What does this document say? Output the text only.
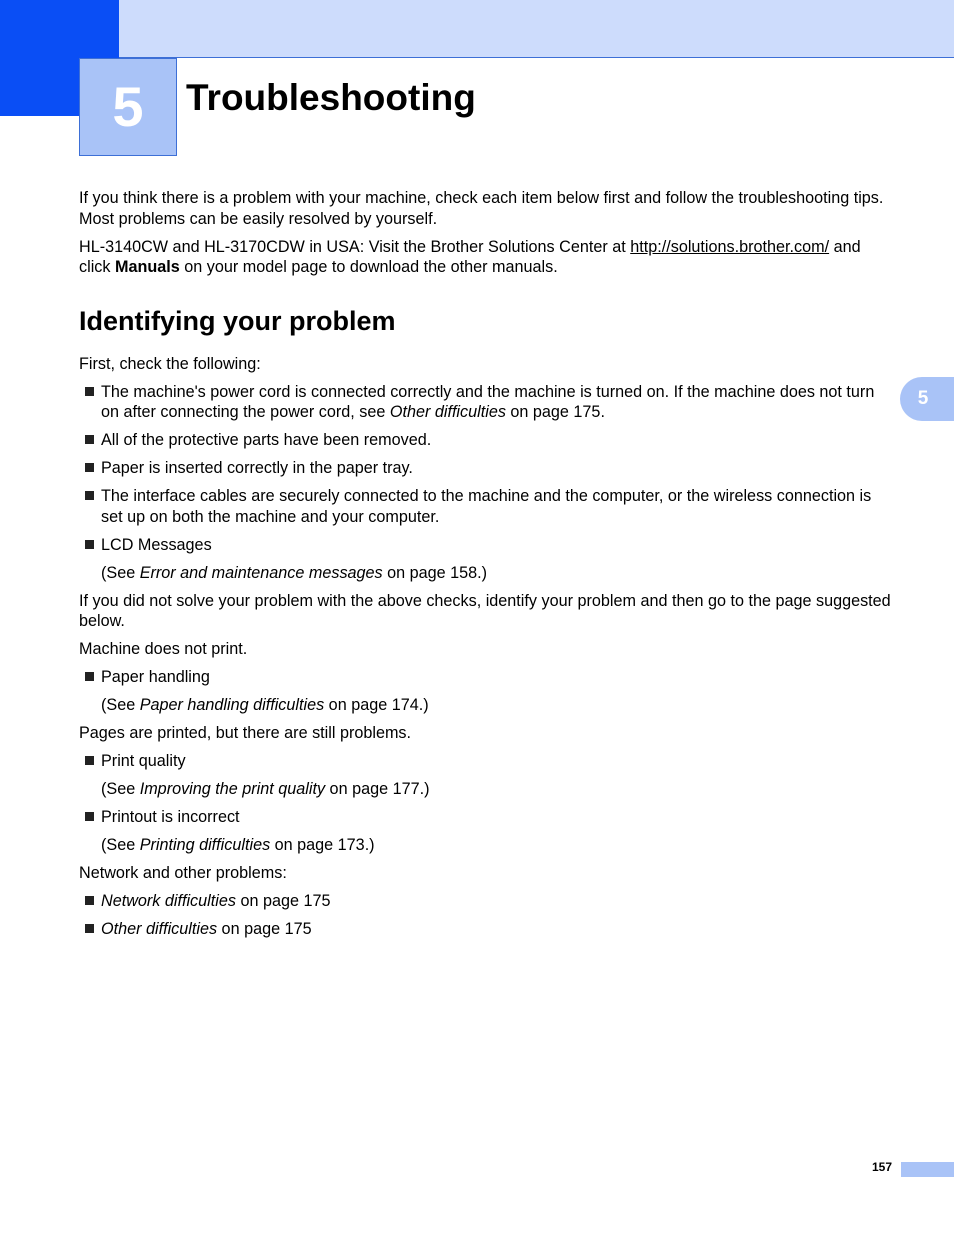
5 Troubleshooting
5

If you think there is a problem with your machine, check each item below first and follow the troubleshooting tips. Most problems can be easily resolved by yourself.

HL-3140CW and HL-3170CDW in USA: Visit the Brother Solutions Center at http://solutions.brother.com/ and click Manuals on your model page to download the other manuals.

Identifying your problem

First, check the following:

The machine's power cord is connected correctly and the machine is turned on. If the machine does not turn on after connecting the power cord, see Other difficulties on page 175.
All of the protective parts have been removed.
Paper is inserted correctly in the paper tray.
The interface cables are securely connected to the machine and the computer, or the wireless connection is set up on both the machine and your computer.
LCD Messages
(See Error and maintenance messages on page 158.)

If you did not solve your problem with the above checks, identify your problem and then go to the page suggested below.

Machine does not print.

Paper handling
(See Paper handling difficulties on page 174.)

Pages are printed, but there are still problems.

Print quality
(See Improving the print quality on page 177.)
Printout is incorrect
(See Printing difficulties on page 173.)

Network and other problems:

Network difficulties on page 175
Other difficulties on page 175
157
